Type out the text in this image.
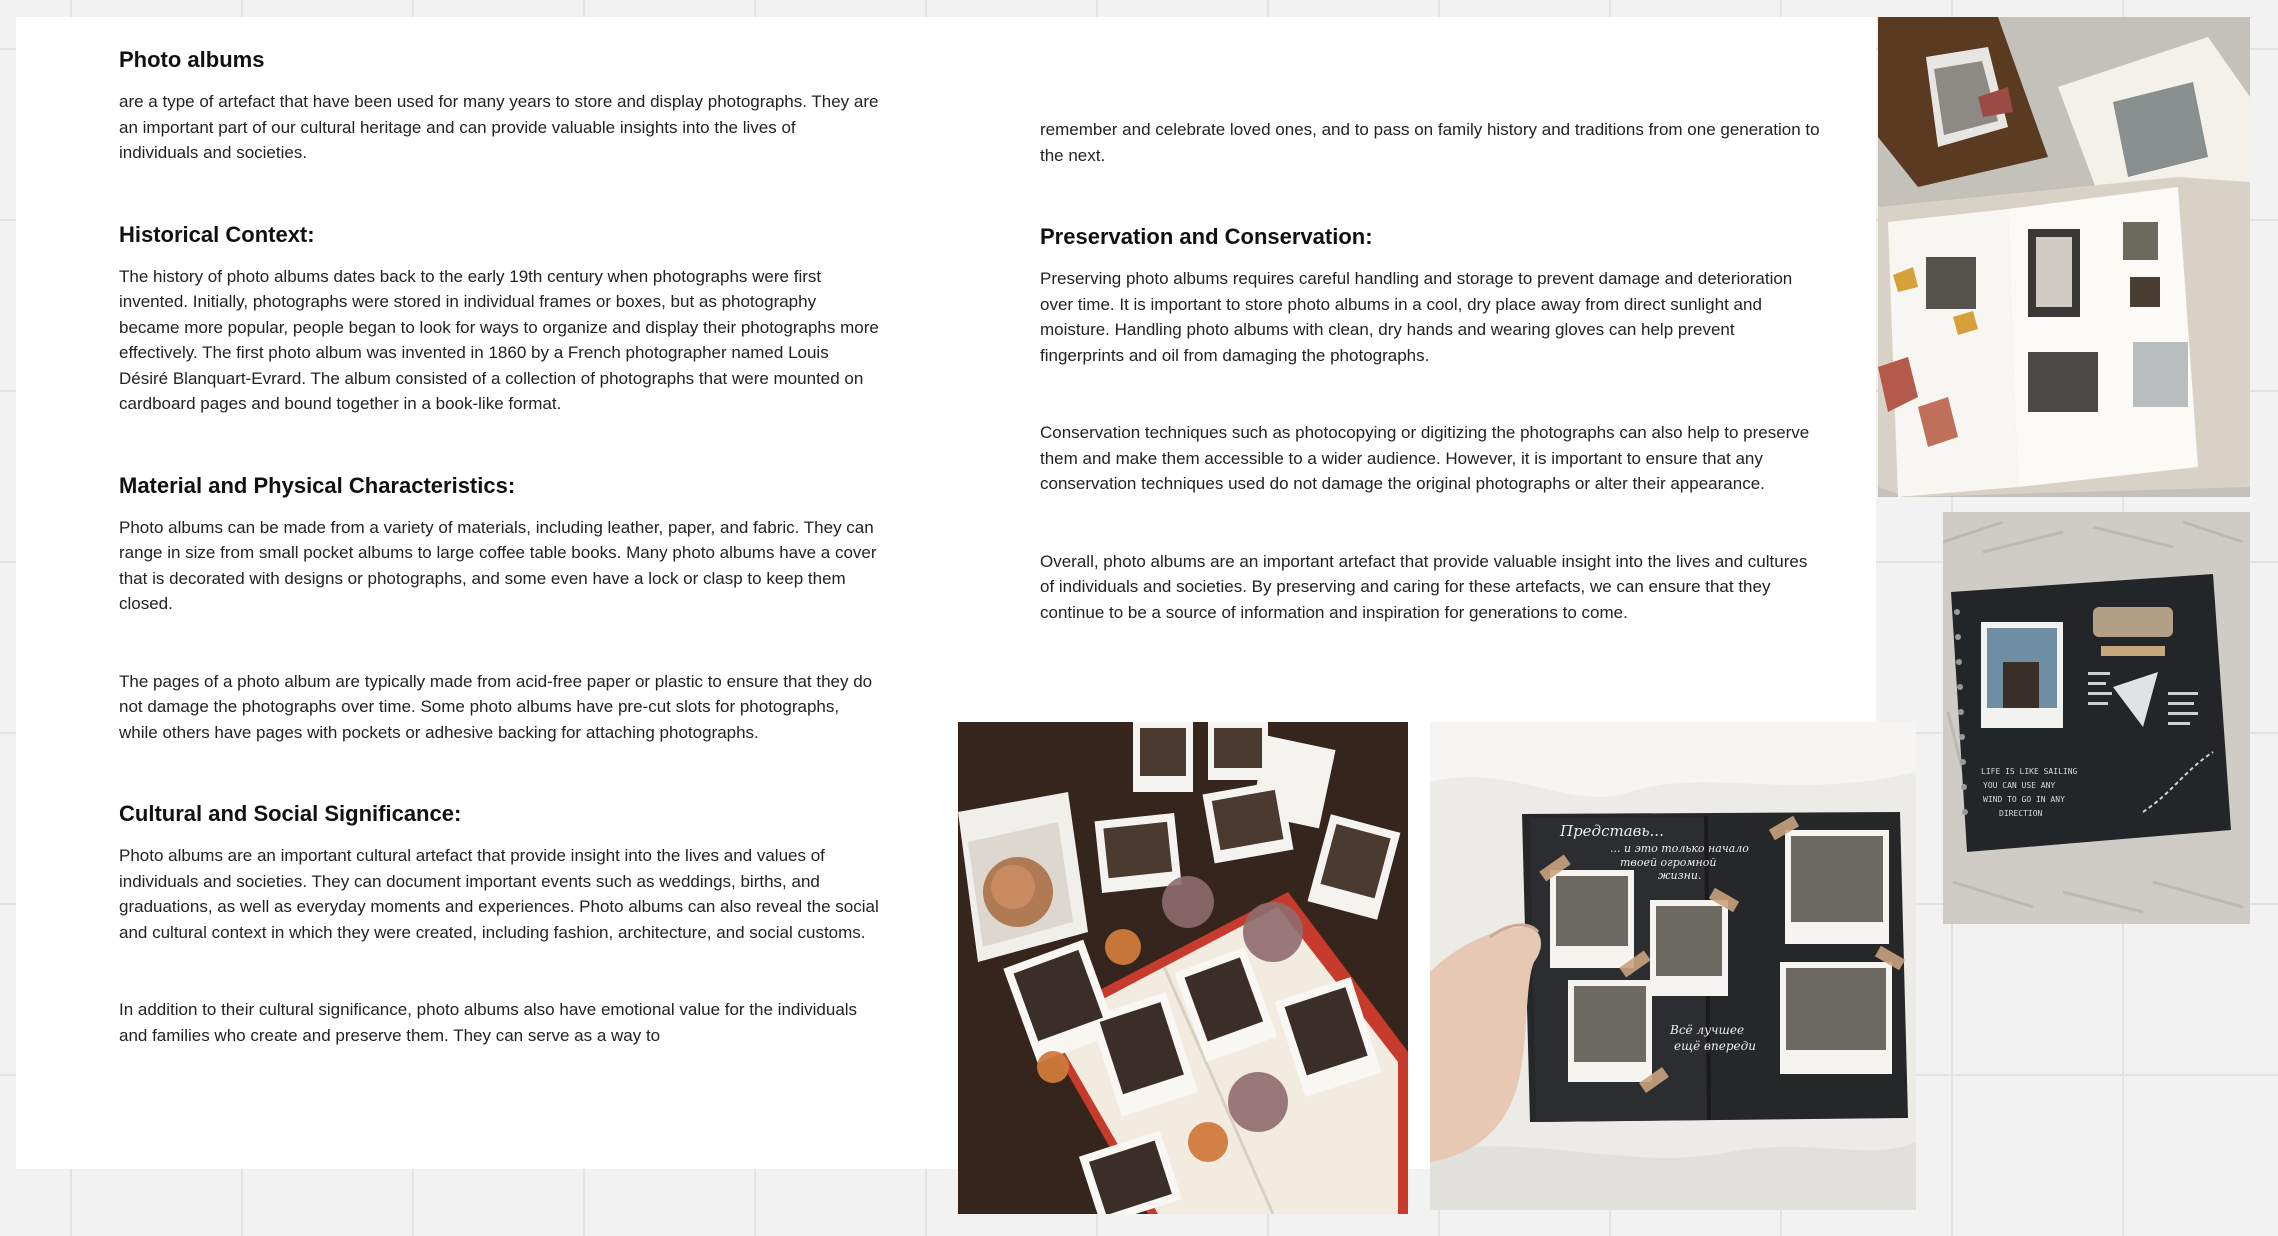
Photo albums

are a type of artefact that have been used for many years to store and display photographs. They are an important part of our cultural heritage and can provide valuable insights into the lives of individuals and societies.

Historical Context:

The history of photo albums dates back to the early 19th century when photographs were first invented. Initially, photographs were stored in individual frames or boxes, but as photography became more popular, people began to look for ways to organize and display their photographs more effectively. The first photo album was invented in 1860 by a French photographer named Louis Désiré Blanquart-Evrard. The album consisted of a collection of photographs that were mounted on cardboard pages and bound together in a book-like format.

Material and Physical Characteristics:

Photo albums can be made from a variety of materials, including leather, paper, and fabric. They can range in size from small pocket albums to large coffee table books. Many photo albums have a cover that is decorated with designs or photographs, and some even have a lock or clasp to keep them closed.

The pages of a photo album are typically made from acid-free paper or plastic to ensure that they do not damage the photographs over time. Some photo albums have pre-cut slots for photographs, while others have pages with pockets or adhesive backing for attaching photographs.

Cultural and Social Significance:

Photo albums are an important cultural artefact that provide insight into the lives and values of individuals and societies. They can document important events such as weddings, births, and graduations, as well as everyday moments and experiences. Photo albums can also reveal the social and cultural context in which they were created, including fashion, architecture, and social customs.

In addition to their cultural significance, photo albums also have emotional value for the individuals and families who create and preserve them. They can serve as a way to

remember and celebrate loved ones, and to pass on family history and traditions from one generation to the next.

Preservation and Conservation:

Preserving photo albums requires careful handling and storage to prevent damage and deterioration over time. It is important to store photo albums in a cool, dry place away from direct sunlight and moisture. Handling photo albums with clean, dry hands and wearing gloves can help prevent fingerprints and oil from damaging the photographs.

Conservation techniques such as photocopying or digitizing the photographs can also help to preserve them and make them accessible to a wider audience. However, it is important to ensure that any conservation techniques used do not damage the original photographs or alter their appearance.

Overall, photo albums are an important artefact that provide valuable insight into the lives and cultures of individuals and societies. By preserving and caring for these artefacts, we can ensure that they continue to be a source of information and inspiration for generations to come.

LIFE IS LIKE SAILING
YOU CAN USE ANY
WIND TO GO IN ANY
DIRECTION
Представь...
... и это только начало
твоей огромной
жизни.
Всё лучшее
ещё впереди
